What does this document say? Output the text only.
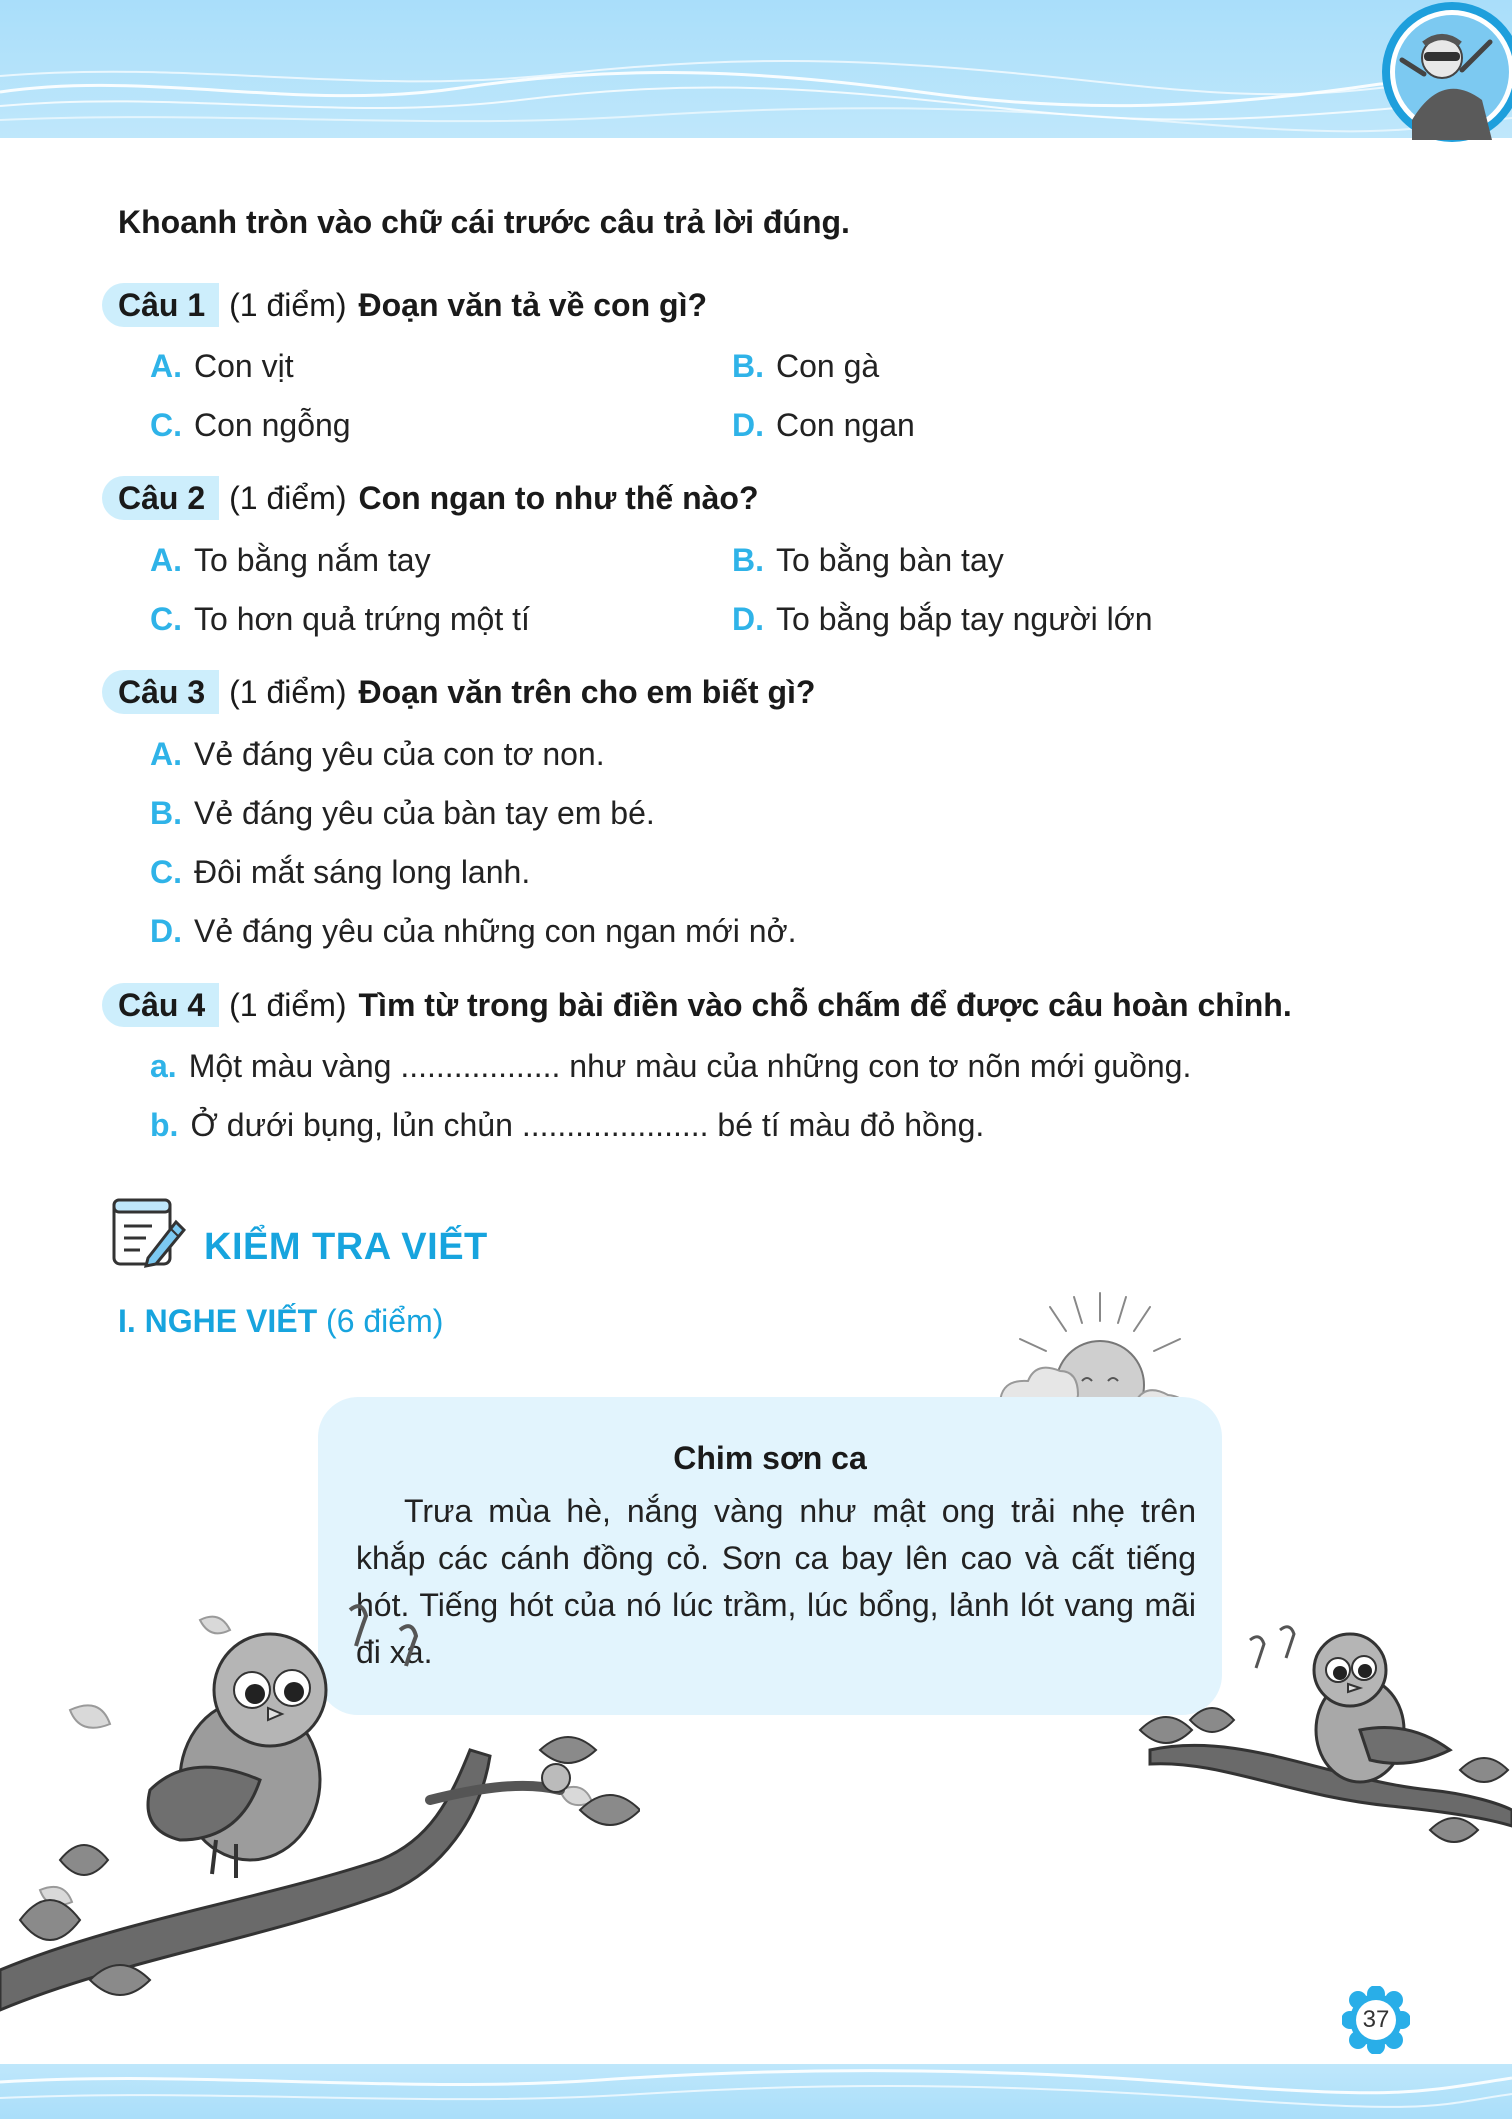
Khoanh tròn vào chữ cái trước câu trả lời đúng.
Câu 1 (1 điểm) Đoạn văn tả về con gì?
A. Con vịt	B. Con gà
C. Con ngỗng	D. Con ngan
Câu 2 (1 điểm) Con ngan to như thế nào?
A. To bằng nắm tay	B. To bằng bàn tay
C. To hơn quả trứng một tí	D. To bằng bắp tay người lớn
Câu 3 (1 điểm) Đoạn văn trên cho em biết gì?
A. Vẻ đáng yêu của con tơ non.
B. Vẻ đáng yêu của bàn tay em bé.
C. Đôi mắt sáng long lanh.
D. Vẻ đáng yêu của những con ngan mới nở.
Câu 4 (1 điểm) Tìm từ trong bài điền vào chỗ chấm để được câu hoàn chỉnh.
a. Một màu vàng .................. như màu của những con tơ nõn mới guồng.
b. Ở dưới bụng, lủn chủn ..................... bé tí màu đỏ hồng.
KIỂM TRA VIẾT
I. NGHE VIẾT (6 điểm)
Chim sơn ca
  Trưa mùa hè, nắng vàng như mật ong trải nhẹ trên khắp các cánh đồng cỏ. Sơn ca bay lên cao và cất tiếng hót. Tiếng hót của nó lúc trầm, lúc bổng, lảnh lót vang mãi đi xa.
37
